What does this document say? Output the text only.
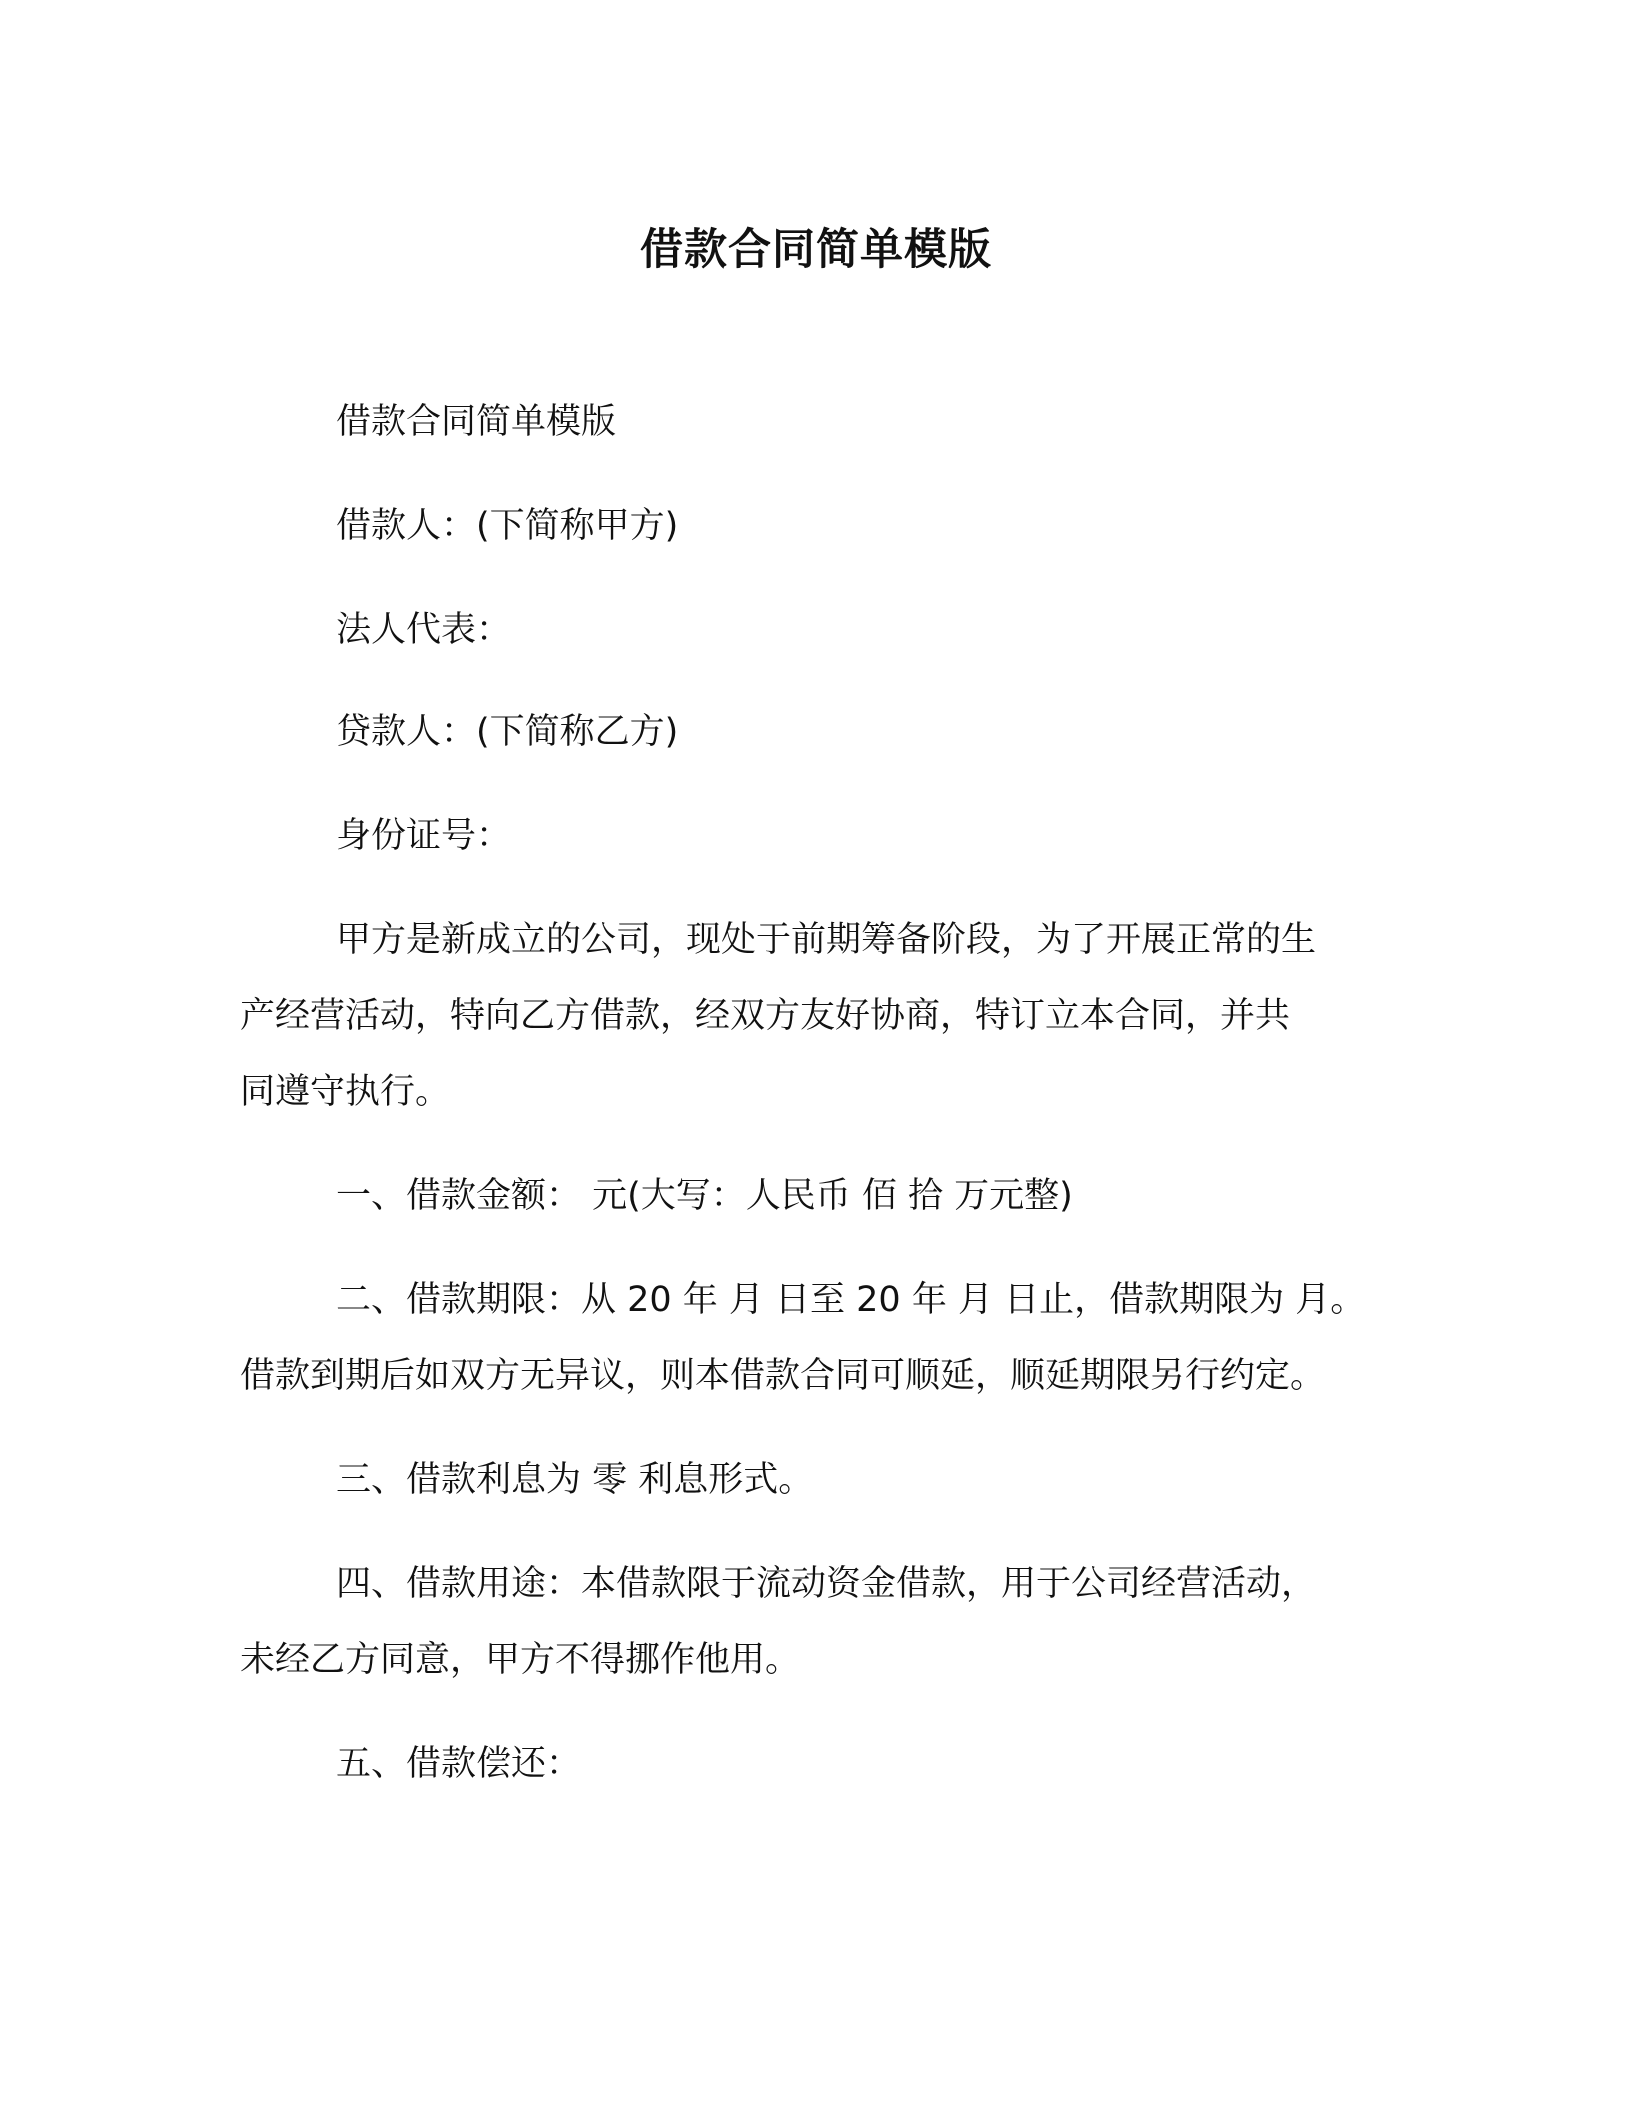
借款合同简单模版
借款合同简单模版
借款人：(下简称甲方)
法人代表：
贷款人：(下简称乙方)
身份证号：
甲方是新成立的公司，现处于前期筹备阶段，为了开展正常的生
产经营活动，特向乙方借款，经双方友好协商，特订立本合同，并共
同遵守执行。
一、借款金额： 元(大写：人民币 佰 拾 万元整)
二、借款期限：从 20 年 月 日至 20 年 月 日止，借款期限为 月。
借款到期后如双方无异议，则本借款合同可顺延，顺延期限另行约定。
三、借款利息为 零 利息形式。
四、借款用途：本借款限于流动资金借款，用于公司经营活动，
未经乙方同意，甲方不得挪作他用。
五、借款偿还：
